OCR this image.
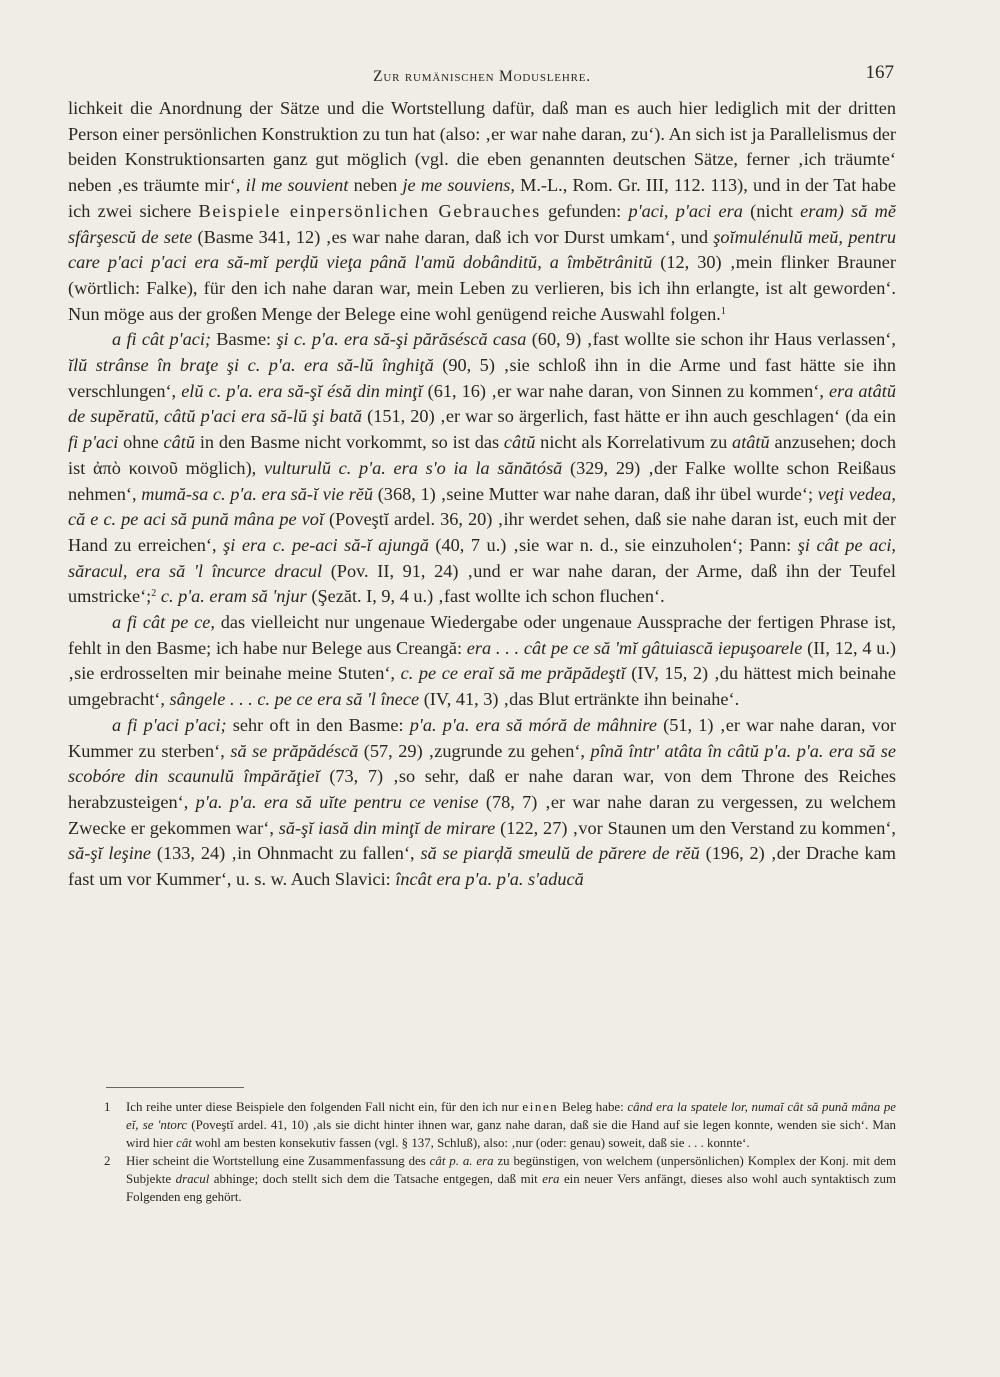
Zur rumänischen Moduslehre.	167

lichkeit die Anordnung der Sätze und die Wortstellung dafür, daß man es auch hier lediglich mit der dritten Person einer persönlichen Konstruktion zu tun hat (also: ‚er war nahe daran, zu‘). An sich ist ja Parallelismus der beiden Konstruktionsarten ganz gut möglich (vgl. die eben genannten deutschen Sätze, ferner ‚ich träumte‘ neben ‚es träumte mir‘, il me souvient neben je me souviens, M.-L., Rom. Gr. III, 112. 113), und in der Tat habe ich zwei sichere Beispiele einpersönlichen Gebrauches gefunden: p'aci, p'aci era (nicht eram) să mĕ sfârşescŭ de sete (Basme 341, 12) ‚es war nahe daran, daß ich vor Durst umkam‘, und şoĭmulénulŭ meŭ, pentru care p'aci p'aci era să-mĭ perḑŭ vieţa până l'amŭ dobânditŭ, a îmbĕtrânitŭ (12, 30) ‚mein flinker Brauner (wörtlich: Falke), für den ich nahe daran war, mein Leben zu verlieren, bis ich ihn erlangte, ist alt geworden‘. Nun möge aus der großen Menge der Belege eine wohl genügend reiche Auswahl folgen.$^1$

a fi cât p'aci; Basme: şi c. p'a. era să-şi părăséscă casa (60, 9) ‚fast wollte sie schon ihr Haus verlassen‘, ĭlŭ strânse în braţe şi c. p'a. era să-lŭ înghiţă (90, 5) ‚sie schloß ihn in die Arme und fast hätte sie ihn verschlungen‘, elŭ c. p'a. era să-şĭ ésă din minţĭ (61, 16) ‚er war nahe daran, von Sinnen zu kommen‘, era atâtŭ de supĕratŭ, câtŭ p'aci era să-lŭ şi bată (151, 20) ‚er war so ärgerlich, fast hätte er ihn auch geschlagen‘ (da ein fi p'aci ohne câtŭ in den Basme nicht vorkommt, so ist das câtŭ nicht als Korrelativum zu atâtŭ anzusehen; doch ist ἀπὸ κοινοῦ möglich), vulturulŭ c. p'a. era s'o ia la sănătósă (329, 29) ‚der Falke wollte schon Reißaus nehmen‘, mumă-sa c. p'a. era să-ĭ vie rĕŭ (368, 1) ‚seine Mutter war nahe daran, daß ihr übel wurde‘; veţi vedea, că e c. pe aci să pună mâna pe voĭ (Poveştĭ ardel. 36, 20) ‚ihr werdet sehen, daß sie nahe daran ist, euch mit der Hand zu erreichen‘, şi era c. pe-aci să-ĭ ajungă (40, 7 u.) ‚sie war n. d., sie einzuholen‘; Pann: şi cât pe aci, săracul, era să 'l încurce dracul (Pov. II, 91, 24) ‚und er war nahe daran, der Arme, daß ihn der Teufel umstricke‘;$^2$ c. p'a. eram să 'njur (Şezăt. I, 9, 4 u.) ‚fast wollte ich schon fluchen‘.

a fi cât pe ce, das vielleicht nur ungenaue Wiedergabe oder ungenaue Aussprache der fertigen Phrase ist, fehlt in den Basme; ich habe nur Belege aus Creangă: era . . . cât pe ce să 'mĭ gâtuiască iepuşoarele (II, 12, 4 u.) ‚sie erdrosselten mir beinahe meine Stuten‘, c. pe ce eraĭ să me prăpădeştĭ (IV, 15, 2) ‚du hättest mich beinahe umgebracht‘, sângele . . . c. pe ce era să 'l înece (IV, 41, 3) ‚das Blut ertränkte ihn beinahe‘.

a fi p'aci p'aci; sehr oft in den Basme: p'a. p'a. era să móră de mâhnire (51, 1) ‚er war nahe daran, vor Kummer zu sterben‘, să se prăpădéscă (57, 29) ‚zugrunde zu gehen‘, pînă într' atâta în câtŭ p'a. p'a. era să se scobóre din scaunulŭ împărăţieĭ (73, 7) ‚so sehr, daß er nahe daran war, von dem Throne des Reiches herabzusteigen‘, p'a. p'a. era să uĭte pentru ce venise (78, 7) ‚er war nahe daran zu vergessen, zu welchem Zwecke er gekommen war‘, să-şĭ iasă din minţĭ de mirare (122, 27) ‚vor Staunen um den Verstand zu kommen‘, să-şĭ leşine (133, 24) ‚in Ohnmacht zu fallen‘, să se piarḑă smeulŭ de părere de rĕŭ (196, 2) ‚der Drache kam fast um vor Kummer‘, u. s. w. Auch Slavici: încât era p'a. p'a. s'aducă

1 Ich reihe unter diese Beispiele den folgenden Fall nicht ein, für den ich nur einen Beleg habe: când era la spatele lor, numaĭ cât să pună mâna pe eĭ, se 'ntorc (Poveştĭ ardel. 41, 10) ‚als sie dicht hinter ihnen war, ganz nahe daran, daß sie die Hand auf sie legen konnte, wenden sie sich‘. Man wird hier cât wohl am besten konsekutiv fassen (vgl. § 137, Schluß), also: ‚nur (oder: genau) soweit, daß sie . . . konnte‘.

2 Hier scheint die Wortstellung eine Zusammenfassung des cât p. a. era zu begünstigen, von welchem (unpersönlichen) Komplex der Konj. mit dem Subjekte dracul abhinge; doch stellt sich dem die Tatsache entgegen, daß mit era ein neuer Vers anfängt, dieses also wohl auch syntaktisch zum Folgenden eng gehört.
